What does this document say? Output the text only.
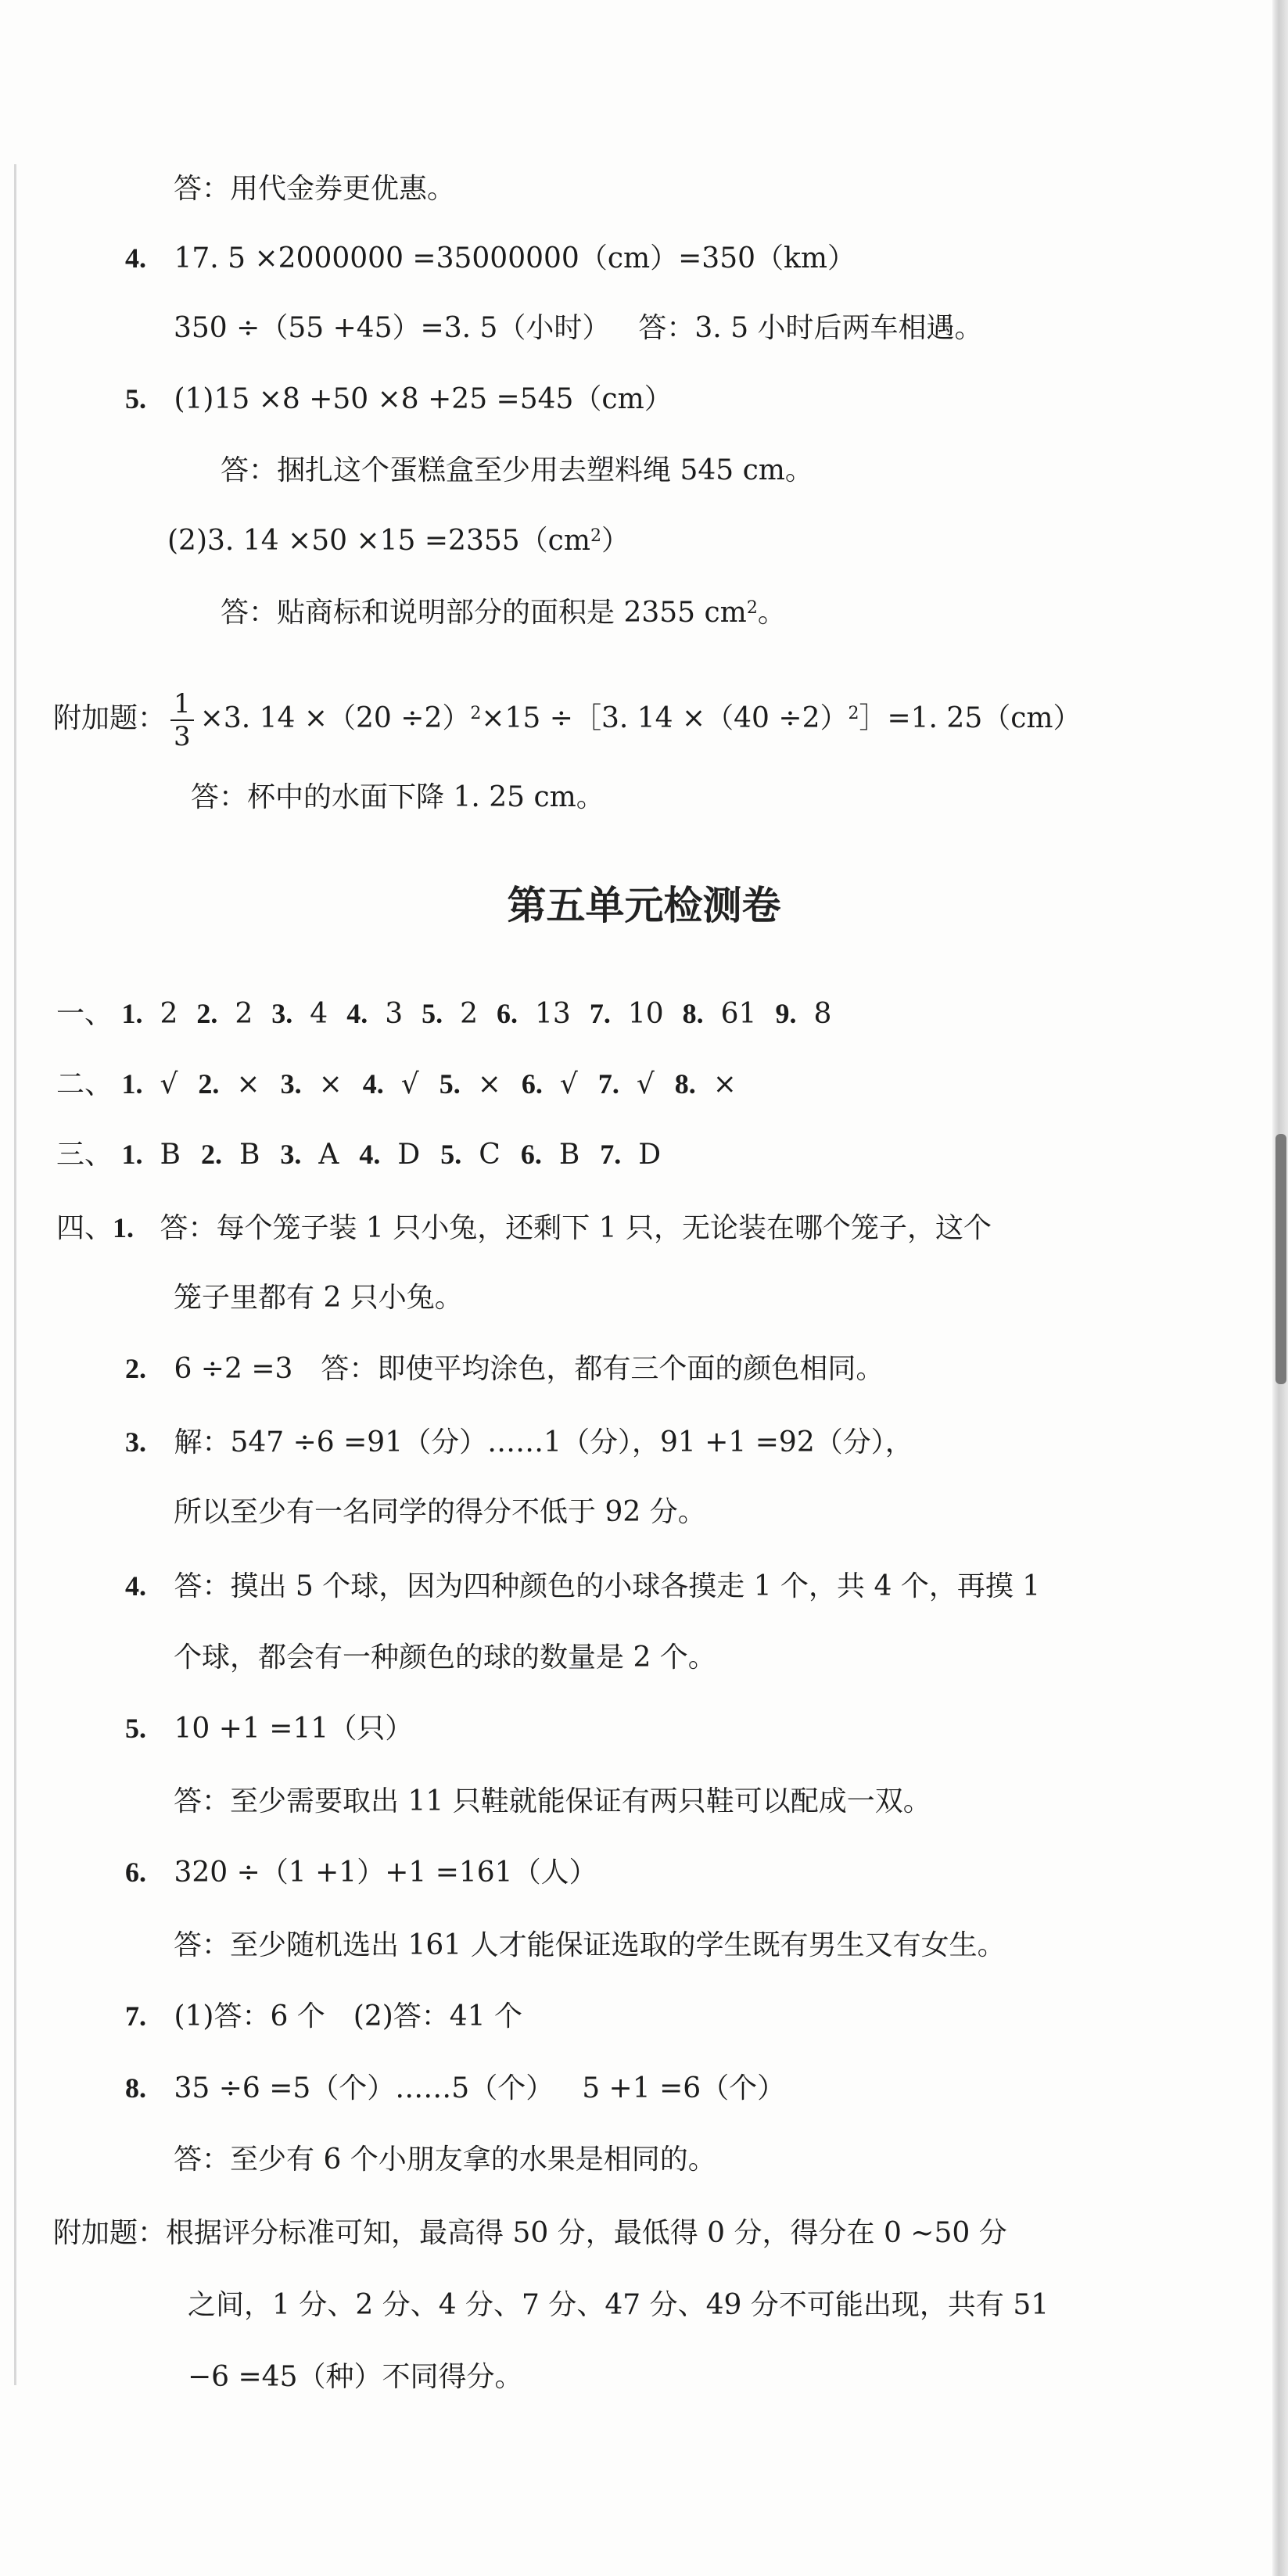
答：用代金券更优惠。
4. 17. 5 ×2000000 =35000000（cm）=350（km）
350 ÷（55 +45）=3. 5（小时） 答：3. 5 小时后两车相遇。
5. (1)15 ×8 +50 ×8 +25 =545（cm）
答：捆扎这个蛋糕盒至少用去塑料绳 545 cm。
(2)3. $14 \times 50 \times 15 =2355(cm^2)$
答：贴商标和说明部分的面积是 2355 $cm^2$。
附加题： $\frac{1}{3} \times 3$. $14 \times(20 \div 2)^2\times 15$ ÷［3. $14 \times(40 \div 2)^2]=1$. 25（cm）
答：杯中的水面下降 1. 25 cm。
第五单元检测卷
一、 1. 2 2. 2 3. 4 4. 3 5. 2 6. 13 7. 10 8. 61 9. 8
二、 1. √ 2. × 3. × 4. √ 5. × 6. √ 7. √ 8. ×
三、 1. B 2. B 3. A 4. D 5. C 6. B 7. D
四、1. 答：每个笼子装 1 只小兔，还剩下 1 只，无论装在哪个笼子，这个
笼子里都有 2 只小兔。
2. 6 ÷2 =3 答：即使平均涂色，都有三个面的颜色相同。
3. 解：547 ÷6 =91（分）……1（分），91 +1 =92（分），
所以至少有一名同学的得分不低于 92 分。
4. 答：摸出 5 个球，因为四种颜色的小球各摸走 1 个，共 4 个，再摸 1
个球，都会有一种颜色的球的数量是 2 个。
5. 10 +1 =11（只）
答：至少需要取出 11 只鞋就能保证有两只鞋可以配成一双。
6. 320 ÷（1 +1）+1 =161（人）
答：至少随机选出 161 人才能保证选取的学生既有男生又有女生。
7. (1)答：6 个 (2)答：41 个
8. 35 ÷6 =5（个）……5（个） 5 +1 =6（个）
答：至少有 6 个小朋友拿的水果是相同的。
附加题：根据评分标准可知，最高得 50 分，最低得 0 分，得分在 0 ~50 分
之间，1 分、2 分、4 分、7 分、47 分、49 分不可能出现，共有 51
−6 =45（种）不同得分。
